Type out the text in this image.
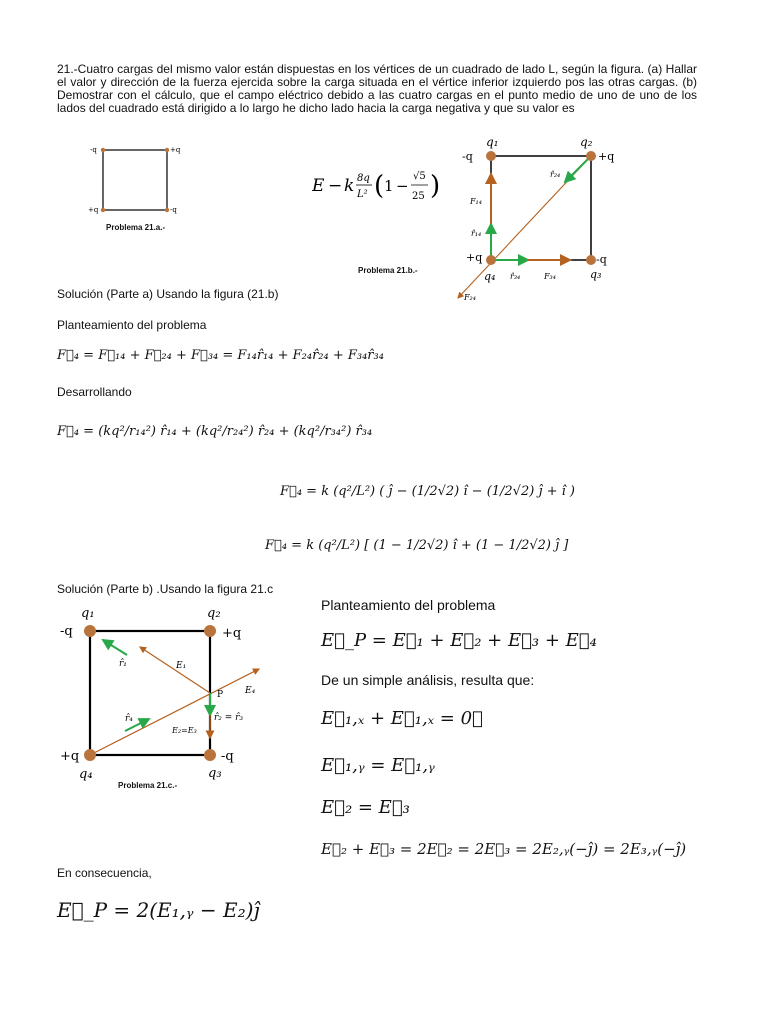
21.-Cuatro cargas del mismo valor están dispuestas en los vértices de un cuadrado de lado L, según la figura. (a) Hallar el valor y dirección de la fuerza ejercida sobre la carga situada en el vértice inferior izquierdo pos las otras cargas. (b) Demostrar con el cálculo, que el campo eléctrico debido a las cuatro cargas en el punto medio de uno de uno de los lados del cuadrado está dirigido a lo largo he dicho lado hacia la carga negativa y que su valor es
-q	+q
+q	-q
Problema 21.a.-
E − k 8q
L² ( 1 −
√5
25 )
-q
q₁	q₂
+q
+q	-q
q₄	q₃
F₁₄
r̂₁₄
r̂₂₄
r̂₃₄	F₃₄
F₂₄
Problema 21.b.-
Solución (Parte a) Usando la figura (21.b)
Planteamiento del problema
F⃗₄ = F⃗₁₄ + F⃗₂₄ + F⃗₃₄ = F₁₄r̂₁₄ + F₂₄r̂₂₄ + F₃₄r̂₃₄
Desarrollando
F⃗₄ = (kq²/r₁₄²) r̂₁₄ + (kq²/r₂₄²) r̂₂₄ + (kq²/r₃₄²) r̂₃₄
F⃗₄ = k (q²/L²) ( ĵ − (1/2√2) î − (1/2√2) ĵ + î )
F⃗₄ = k (q²/L²) [ (1 − 1/2√2) î + (1 − 1/2√2) ĵ ]
Solución (Parte b) .Usando la figura 21.c
q₁
-q
q₂
+q
+q
q₄
-q
q₃
r̂₁	E₁
P E₄
r̂₄	r̂₂ = r̂₃
E₂=E₃
Problema 21.c.-
Planteamiento del problema
E⃗_P = E⃗₁ + E⃗₂ + E⃗₃ + E⃗₄
De un simple análisis, resulta que:
E⃗₁,ₓ + E⃗₁,ₓ = 0⃗
E⃗₁,ᵧ = E⃗₁,ᵧ
E⃗₂ = E⃗₃
E⃗₂ + E⃗₃ = 2E⃗₂ = 2E⃗₃ = 2E₂,ᵧ(−ĵ) = 2E₃,ᵧ(−ĵ)
En consecuencia,
E⃗_P = 2(E₁,ᵧ − E₂)ĵ
